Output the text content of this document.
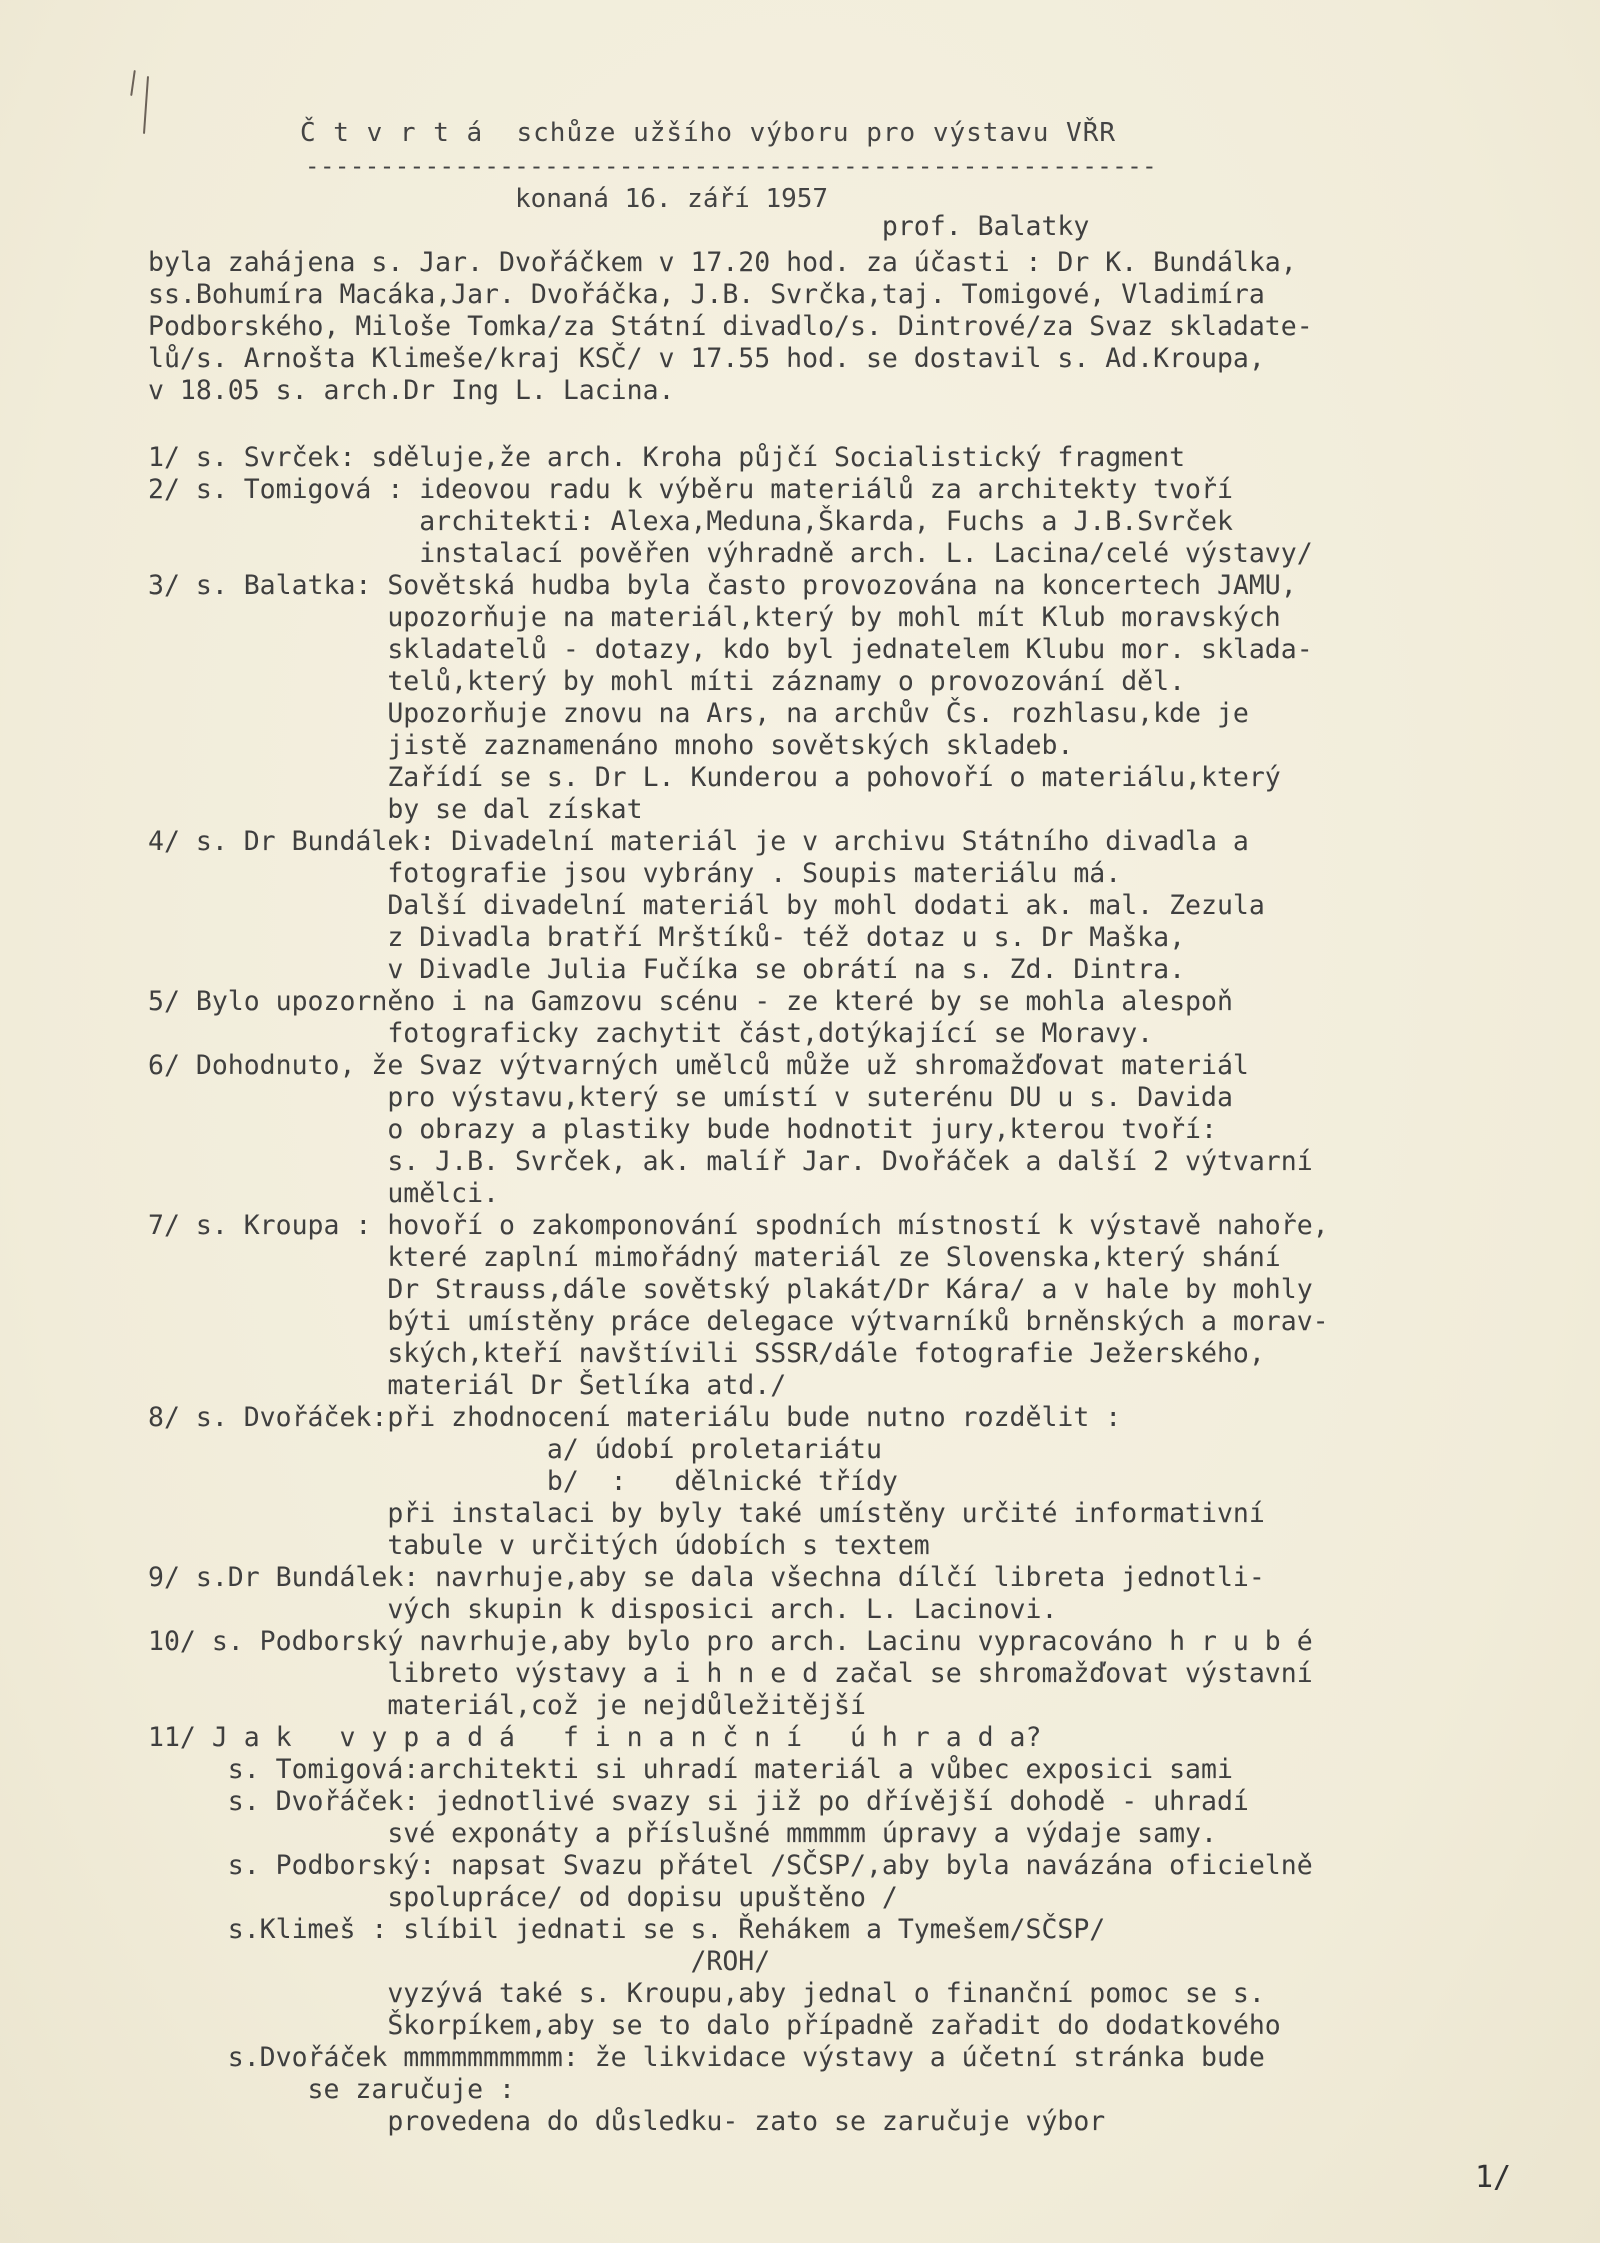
Č t v r t á  schůze užšího výboru pro výstavu VŘR
---------------------------------------------------------
konaná 16. září 1957
prof. Balatky
byla zahájena s. Jar. Dvořáčkem v 17.20 hod. za účasti : Dr K. Bundálka,
ss.Bohumíra Macáka,Jar. Dvořáčka, J.B. Svrčka,taj. Tomigové, Vladimíra
Podborského, Miloše Tomka/za Státní divadlo/s. Dintrové/za Svaz skladate-
lů/s. Arnošta Klimeše/kraj KSČ/ v 17.55 hod. se dostavil s. Ad.Kroupa,
v 18.05 s. arch.Dr Ing L. Lacina.
1/ s. Svrček: sděluje,že arch. Kroha půjčí Socialistický fragment
2/ s. Tomigová : ideovou radu k výběru materiálů za architekty tvoří
architekti: Alexa,Meduna,Škarda, Fuchs a J.B.Svrček
instalací pověřen výhradně arch. L. Lacina/celé výstavy/
3/ s. Balatka: Sovětská hudba byla často provozována na koncertech JAMU,
upozorňuje na materiál,který by mohl mít Klub moravských
skladatelů - dotazy, kdo byl jednatelem Klubu mor. sklada-
telů,který by mohl míti záznamy o provozování děl.
Upozorňuje znovu na Ars, na archův Čs. rozhlasu,kde je
jistě zaznamenáno mnoho sovětských skladeb.
Zařídí se s. Dr L. Kunderou a pohovoří o materiálu,který
by se dal získat
4/ s. Dr Bundálek: Divadelní materiál je v archivu Státního divadla a
fotografie jsou vybrány . Soupis materiálu má.
Další divadelní materiál by mohl dodati ak. mal. Zezula
z Divadla bratří Mrštíků- též dotaz u s. Dr Maška,
v Divadle Julia Fučíka se obrátí na s. Zd. Dintra.
5/ Bylo upozorněno i na Gamzovu scénu - ze které by se mohla alespoň
fotograficky zachytit část,dotýkající se Moravy.
6/ Dohodnuto, že Svaz výtvarných umělců může už shromažďovat materiál
pro výstavu,který se umístí v suterénu DU u s. Davida
o obrazy a plastiky bude hodnotit jury,kterou tvoří:
s. J.B. Svrček, ak. malíř Jar. Dvořáček a další 2 výtvarní
umělci.
7/ s. Kroupa : hovoří o zakomponování spodních místností k výstavě nahoře,
které zaplní mimořádný materiál ze Slovenska,který shání
Dr Strauss,dále sovětský plakát/Dr Kára/ a v hale by mohly
býti umístěny práce delegace výtvarníků brněnských a morav-
ských,kteří navštívili SSSR/dále fotografie Ježerského,
materiál Dr Šetlíka atd./
8/ s. Dvořáček:při zhodnocení materiálu bude nutno rozdělit :
a/ údobí proletariátu
b/  :   dělnické třídy
při instalaci by byly také umístěny určité informativní
tabule v určitých údobích s textem
9/ s.Dr Bundálek: navrhuje,aby se dala všechna dílčí libreta jednotli-
vých skupin k disposici arch. L. Lacinovi.
10/ s. Podborský navrhuje,aby bylo pro arch. Lacinu vypracováno h r u b é
libreto výstavy a i h n e d začal se shromažďovat výstavní
materiál,což je nejdůležitější
11/ J a k   v y p a d á   f i n a n č n í   ú h r a d a?
s. Tomigová:architekti si uhradí materiál a vůbec exposici sami
s. Dvořáček: jednotlivé svazy si již po dřívější dohodě - uhradí
své exponáty a příslušné mmmmm úpravy a výdaje samy.
s. Podborský: napsat Svazu přátel /SČSP/,aby byla navázána oficielně
spolupráce/ od dopisu upuštěno /
s.Klimeš : slíbil jednati se s. Řehákem a Tymešem/SČSP/
/ROH/
vyzývá také s. Kroupu,aby jednal o finanční pomoc se s.
Škorpíkem,aby se to dalo případně zařadit do dodatkového
s.Dvořáček mmmmmmmmmm: že likvidace výstavy a účetní stránka bude
se zaručuje :
provedena do důsledku- zato se zaručuje výbor
1/
